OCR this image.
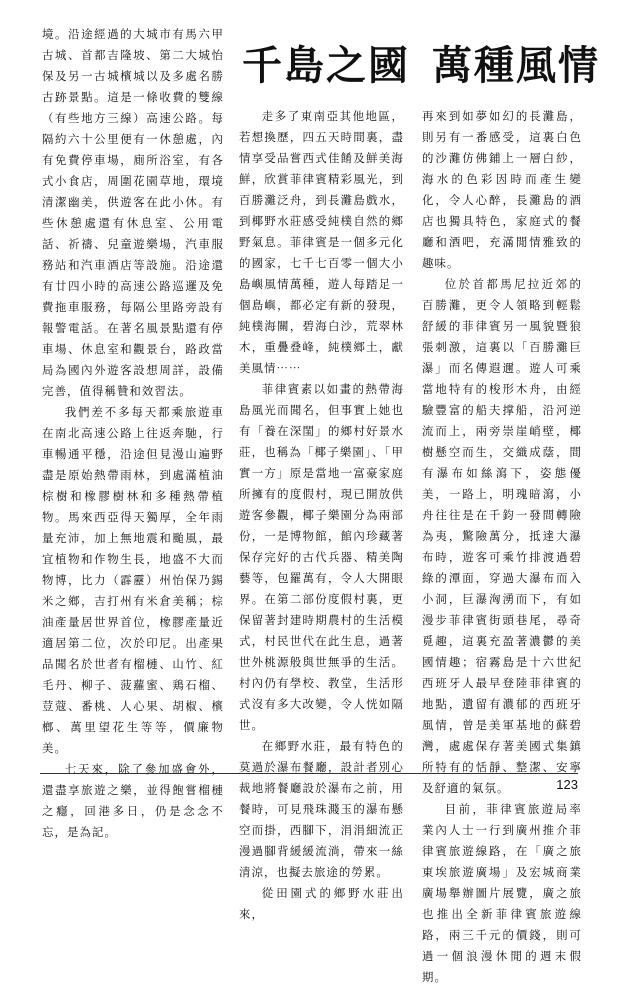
境。沿途經過的大城市有馬六甲古城、首都吉隆坡、第二大城怡保及另一古城檳城以及多處名勝古跡景點。這是一條收費的雙線（有些地方三線）高速公路。每隔約六十公里便有一休憩處，內有免費停車場，廁所浴室，有各式小食店，周圍花園草地，環境清潔幽美，供遊客在此小休。有些休憩處還有休息室、公用電話、祈禱、兒童遊樂場，汽車服務站和汽車酒店等設施。沿途還有廿四小時的高速公路巡邏及免費拖車服務，每隔公里路旁設有報警電話。在著名風景點還有停車場、休息室和觀景台，路政當局為國內外遊客設想周詳，設備完善，值得稱贊和效習法。

我們差不多每天都乘旅遊車在南北高速公路上往返奔馳，行車暢通平穩，沿途但見漫山遍野盡是原始熱帶雨林，到處滿植油棕樹和橡膠樹林和多種熱帶植物。馬來西亞得天獨厚，全年雨量充沛，加上無地震和颱風，最宜植物和作物生長，地盛不大而物博，比力（霹靂）州怡保乃錫米之鄉，吉打州有米倉美稱；棕油產量居世界首位，橡膠產量近適居第二位，次於印尼。出產果品聞名於世者有榴槤、山竹、紅毛丹、柳子、菠蘿蜜、鶏石榴、荳蔻、番桃、人心果、胡椒、檳榔、萬里望花生等等，價廉物美。

七天來，除了參加盛會外，還盡享旅遊之樂，並得飽嘗榴槤之癮，回港多日，仍是念念不忘，是為記。

千島之國 萬種風情

走多了東南亞其他地區，若想換歷，四五天時間裏，盡情享受品嘗西式佳餚及鮮美海鮮，欣賞菲律賓精彩風光，到百勝灘泛舟，到長灘島戲水，到椰野水莊感受純樸自然的鄉野氣息。菲律賓是一個多元化的國家，七千七百零一個大小島嶼風情萬種，遊人每踏足一個島嶼，都必定有新的發現，純樸海關，碧海白沙，荒翠林木，重疊叠峰，純樸鄉土，獻美風情⋯⋯

菲律賓素以如畫的熱帶海島風光而聞名，但事實上她也有「養在深閨」的鄉村好景水莊，也稱為「椰子樂園」、「甲實一方」原是當地一富豪家庭所擁有的度假村，現已開放供遊客參觀，椰子樂園分為兩部份，一是博物館，館內珍藏著保存完好的古代兵器、精美陶藝等，包羅萬有，令人大開眼界。在第二部份度假村裏，更保留著封建時期農村的生活模式，村民世代在此生息，過著世外桃源般與世無爭的生活。村內仍有學校、教堂，生活形式沒有多大改變，令人恍如隔世。

在鄉野水莊，最有特色的莫過於瀑布餐廳，設計者別心裁地將餐廳設於瀑布之前，用餐時，可見飛珠濺玉的瀑布懸空而掛，西腳下，涓涓細流正漫過腳背緩緩流淌，帶來一絲清涼，也擬去旅途的勞累。

從田園式的鄉野水莊出來，

再來到如夢如幻的長灘島，則另有一番感受，這裏白色的沙灘仿佛鋪上一層白紗，海水的色彩因時而產生變化，令人心醉，長灘島的酒店也獨具特色，家庭式的餐廳和酒吧，充滿閒情雅致的趣味。

位於首都馬尼拉近郊的百勝灘，更令人領略到輕鬆舒緩的菲律賓另一風貌暨狼張刺激，這裏以「百勝灘巨瀑」而名傳遐邇。遊人可乘當地特有的梭形木舟，由經驗豐富的船夫撑船，沿河逆流而上，兩旁崇崖峭壁，椰樹懸空而生，交織成蔭，間有瀑布如絲瀉下，姿態優美，一路上，明瑰暗瀉，小舟往往是在千鈞一發間轉險為夷，驚險萬分，抵達大瀑布時，遊客可乘竹排渡過碧綠的潭面，穿過大瀑布而入小洞，巨瀑洶湧而下，有如漫步菲律賓街頭巷尾，尋奇覓趣，這裏充盈著濃鬱的美國情趣；宿霧島是十六世紀西班牙人最早登陸菲律賓的地點，遺留有濃郁的西班牙風情，曾是美軍基地的蘇碧灣，處處保存著美國式集鎮所特有的恬靜、整潔、安寧及舒適的氣氛。

目前，菲律賓旅遊局率業內人士一行到廣州推介菲律賓旅遊線路，在「廣之旅東埃旅遊廣場」及宏城商業廣場舉辦圖片展覽，廣之旅也推出全新菲律賓旅遊線路，兩三千元的價錢，則可過一個浪漫休閒的週末假期。

123
